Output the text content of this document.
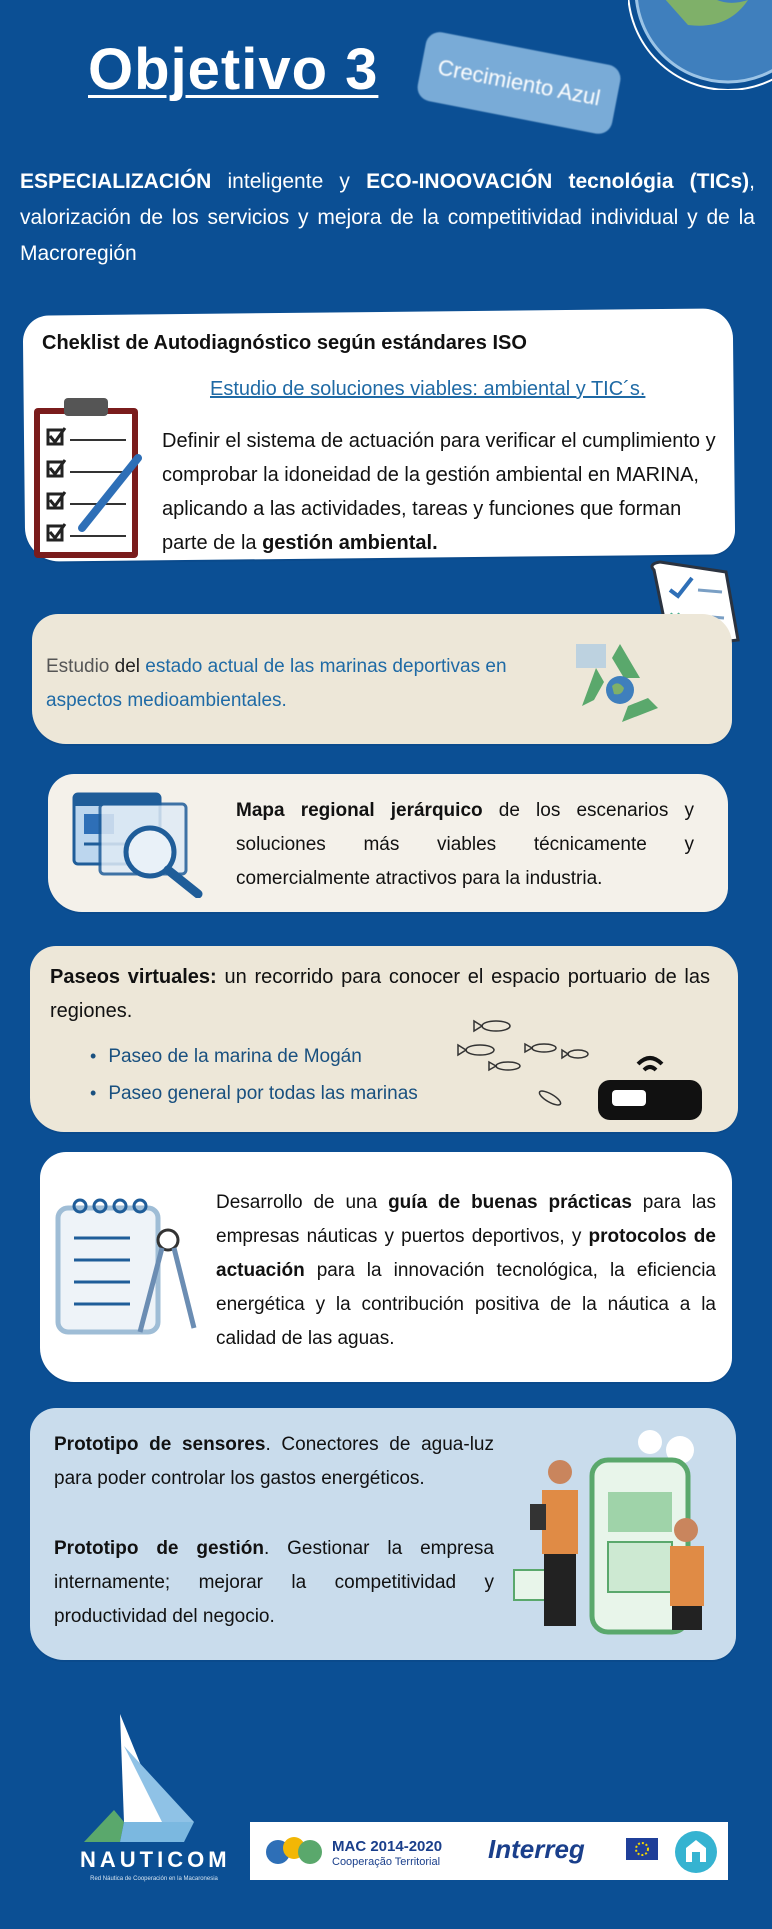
Objetivo 3	Crecimiento Azul

ESPECIALIZACIÓN inteligente y ECO-INOOVACIÓN tecnológia (TICs), valorización de los servicios y mejora de la competitividad individual y de la Macroregión

Cheklist de Autodiagnóstico según estándares ISO
Estudio de soluciones viables: ambiental y TIC´s.

Definir el sistema de actuación para verificar el cumplimiento y comprobar la idoneidad de la gestión ambiental en MARINA, aplicando a las actividades, tareas y funciones que forman parte de la gestión ambiental.

Estudio del estado actual de las marinas deportivas en aspectos medioambientales.

Mapa regional jerárquico de los escenarios y soluciones más viables técnicamente y comercialmente atractivos para la industria.

Paseos virtuales: un recorrido para conocer el espacio portuario de las regiones.

• Paseo de la marina de Mogán
• Paseo general por todas las marinas

Desarrollo de una guía de buenas prácticas para las empresas náuticas y puertos deportivos, y protocolos de actuación para la innovación tecnológica, la eficiencia energética y la contribución positiva de la náutica a la calidad de las aguas.

Prototipo de sensores. Conectores de agua-luz para poder controlar los gastos energéticos.

Prototipo de gestión. Gestionar la empresa internamente; mejorar la competitividad y productividad del negocio.

NAUTICOM
Red Náutica de Cooperación en la Macaronesia
MAC 2014-2020
Cooperação Territorial Interreg
